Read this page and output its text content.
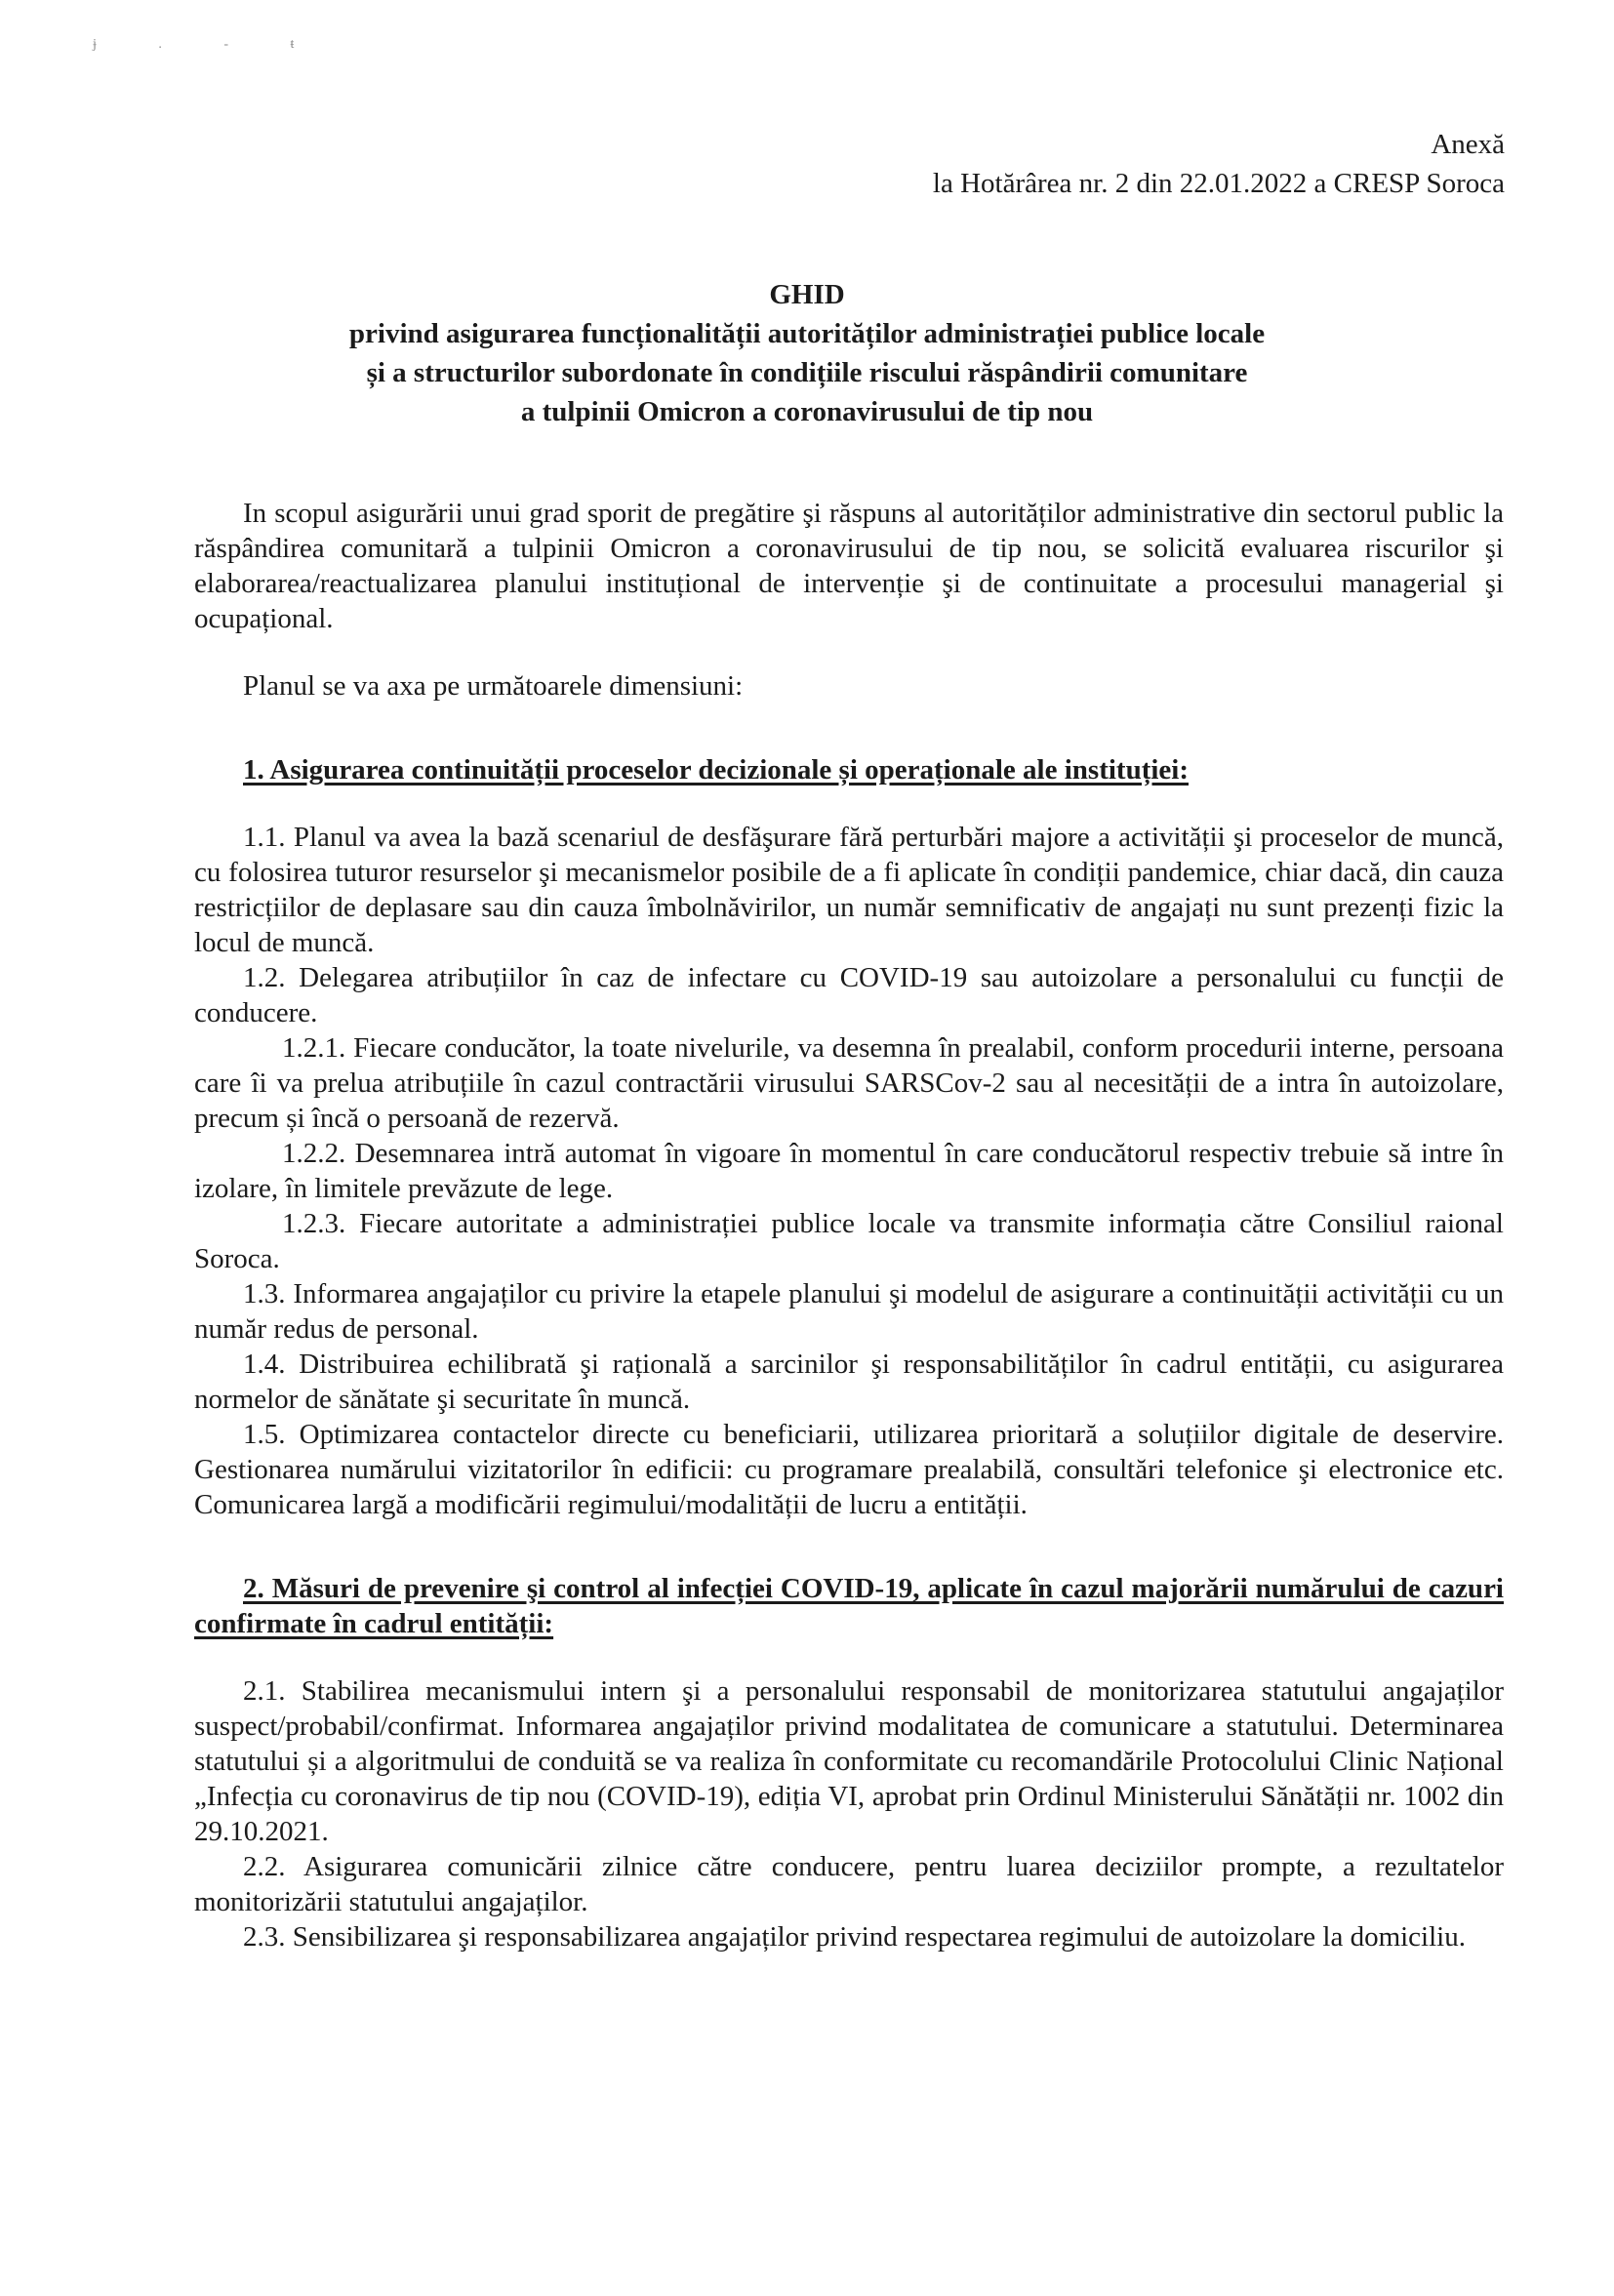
ɉ . ‐ ŧ
Anexă
la Hotărârea nr. 2 din 22.01.2022 a CRESP Soroca
GHID
privind asigurarea funcționalității autorităților administrației publice locale
și a structurilor subordonate în condițiile riscului răspândirii comunitare
a tulpinii Omicron a coronavirusului de tip nou

In scopul asigurării unui grad sporit de pregătire şi răspuns al autorităților administrative din sectorul public la răspândirea comunitară a tulpinii Omicron a coronavirusului de tip nou, se solicită evaluarea riscurilor şi elaborarea/reactualizarea planului instituțional de intervenție şi de continuitate a procesului managerial şi ocupațional.

Planul se va axa pe următoarele dimensiuni:

1. Asigurarea continuității proceselor decizionale și operaționale ale instituției:

1.1. Planul va avea la bază scenariul de desfăşurare fără perturbări majore a activității şi proceselor de muncă, cu folosirea tuturor resurselor şi mecanismelor posibile de a fi aplicate în condiții pandemice, chiar dacă, din cauza restricțiilor de deplasare sau din cauza îmbolnăvirilor, un număr semnificativ de angajați nu sunt prezenți fizic la locul de muncă.

1.2. Delegarea atribuțiilor în caz de infectare cu COVID-19 sau autoizolare a personalului cu funcții de conducere.

1.2.1. Fiecare conducător, la toate nivelurile, va desemna în prealabil, conform procedurii interne, persoana care îi va prelua atribuțiile în cazul contractării virusului SARSCov-2 sau al necesității de a intra în autoizolare, precum și încă o persoană de rezervă.

1.2.2. Desemnarea intră automat în vigoare în momentul în care conducătorul respectiv trebuie să intre în izolare, în limitele prevăzute de lege.

1.2.3. Fiecare autoritate a administrației publice locale va transmite informația către Consiliul raional Soroca.

1.3. Informarea angajaților cu privire la etapele planului şi modelul de asigurare a continuității activității cu un număr redus de personal.

1.4. Distribuirea echilibrată şi rațională a sarcinilor şi responsabilităților în cadrul entității, cu asigurarea normelor de sănătate şi securitate în muncă.

1.5. Optimizarea contactelor directe cu beneficiarii, utilizarea prioritară a soluțiilor digitale de deservire. Gestionarea numărului vizitatorilor în edificii: cu programare prealabilă, consultări telefonice şi electronice etc. Comunicarea largă a modificării regimului/modalității de lucru a entității.

2. Măsuri de prevenire şi control al infecției COVID-19, aplicate în cazul majorării numărului de cazuri confirmate în cadrul entității:

2.1. Stabilirea mecanismului intern şi a personalului responsabil de monitorizarea statutului angajaților suspect/probabil/confirmat. Informarea angajaților privind modalitatea de comunicare a statutului. Determinarea statutului și a algoritmului de conduită se va realiza în conformitate cu recomandările Protocolului Clinic Național „Infecția cu coronavirus de tip nou (COVID-19), ediția VI, aprobat prin Ordinul Ministerului Sănătății nr. 1002 din 29.10.2021.

2.2. Asigurarea comunicării zilnice către conducere, pentru luarea deciziilor prompte, a rezultatelor monitorizării statutului angajaților.

2.3. Sensibilizarea şi responsabilizarea angajaților privind respectarea regimului de autoizolare la domiciliu.
